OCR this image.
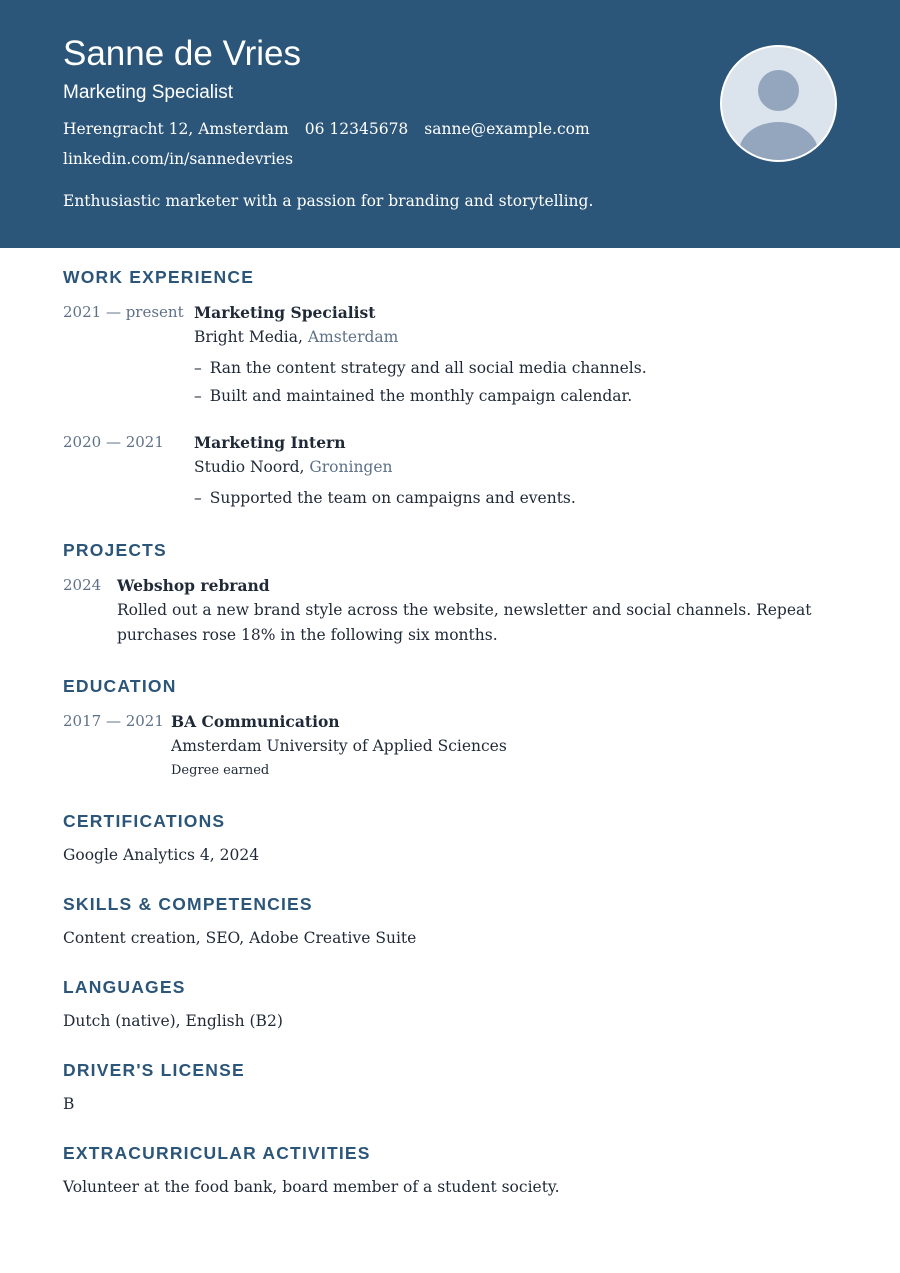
Sanne de Vries
Marketing Specialist
Herengracht 12, Amsterdam 06 12345678 sanne@example.com
linkedin.com/in/sannedevries
Enthusiastic marketer with a passion for branding and storytelling.
WORK EXPERIENCE
2021 — present Marketing Specialist
Bright Media, Amsterdam
– Ran the content strategy and all social media channels.
– Built and maintained the monthly campaign calendar.
2020 — 2021	Marketing Intern
Studio Noord, Groningen
– Supported the team on campaigns and events.
PROJECTS
2024	Webshop rebrand
Rolled out a new brand style across the website, newsletter and social channels. Repeat purchases rose 18% in the following six months.
EDUCATION
2017 — 2021 BA Communication
Amsterdam University of Applied Sciences
Degree earned
CERTIFICATIONS
Google Analytics 4, 2024
SKILLS & COMPETENCIES
Content creation, SEO, Adobe Creative Suite
LANGUAGES
Dutch (native), English (B2)
DRIVER'S LICENSE
B
EXTRACURRICULAR ACTIVITIES
Volunteer at the food bank, board member of a student society.
